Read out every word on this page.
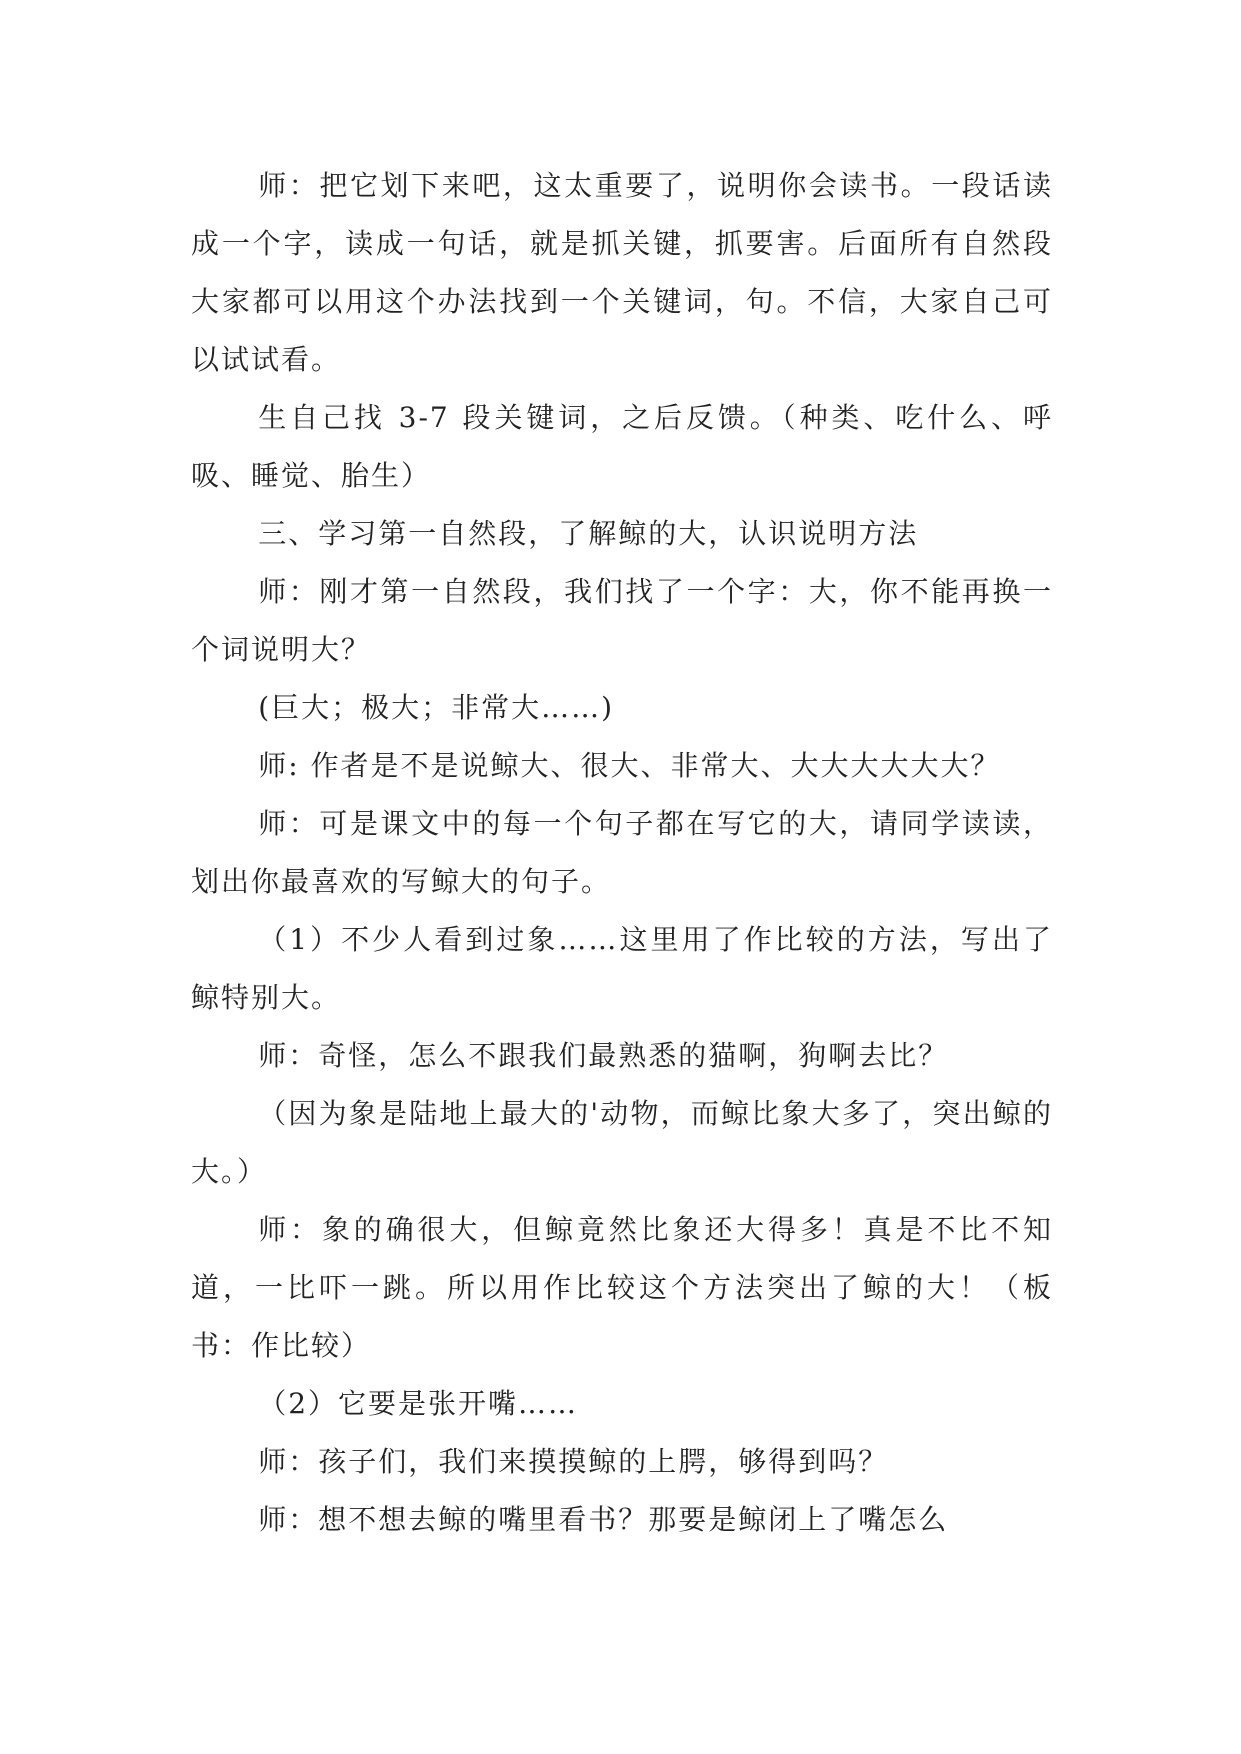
师：把它划下来吧，这太重要了，说明你会读书。一段话读成一个字，读成一句话，就是抓关键，抓要害。后面所有自然段大家都可以用这个办法找到一个关键词，句。不信，大家自己可以试试看。

生自己找 3-7 段关键词，之后反馈。（种类、吃什么、呼吸、睡觉、胎生）

三、学习第一自然段，了解鲸的大，认识说明方法

师：刚才第一自然段，我们找了一个字：大，你不能再换一个词说明大？

(巨大；极大；非常大……)

师: 作者是不是说鲸大、很大、非常大、大大大大大大？

师：可是课文中的每一个句子都在写它的大，请同学读读，划出你最喜欢的写鲸大的句子。

（1）不少人看到过象……这里用了作比较的方法，写出了鲸特别大。

师：奇怪，怎么不跟我们最熟悉的猫啊，狗啊去比？

（因为象是陆地上最大的'动物，而鲸比象大多了，突出鲸的大。）

师：象的确很大，但鲸竟然比象还大得多！真是不比不知道，一比吓一跳。所以用作比较这个方法突出了鲸的大！（板书：作比较）

（2）它要是张开嘴……

师：孩子们，我们来摸摸鲸的上腭，够得到吗？

师：想不想去鲸的嘴里看书？那要是鲸闭上了嘴怎么
